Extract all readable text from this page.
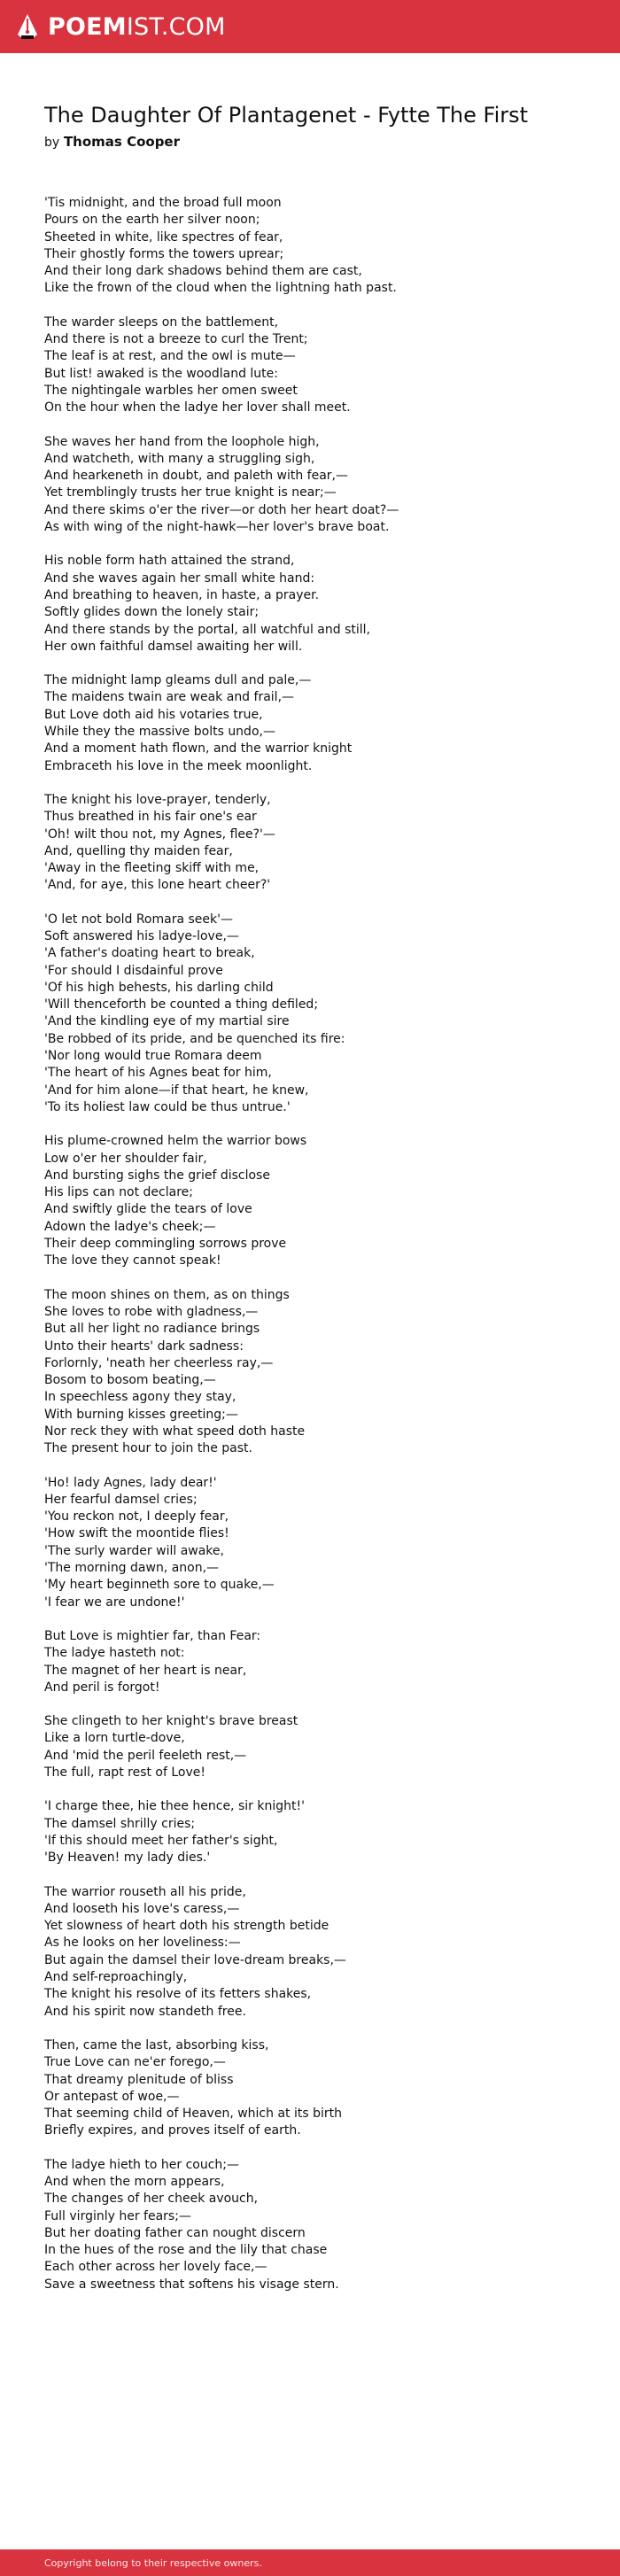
POEMIST.COM
The Daughter Of Plantagenet - Fytte The First
by Thomas Cooper
'Tis midnight, and the broad full moon
Pours on the earth her silver noon;
Sheeted in white, like spectres of fear,
Their ghostly forms the towers uprear;
And their long dark shadows behind them are cast,
Like the frown of the cloud when the lightning hath past.
The warder sleeps on the battlement,
And there is not a breeze to curl the Trent;
The leaf is at rest, and the owl is mute—
But list! awaked is the woodland lute:
The nightingale warbles her omen sweet
On the hour when the ladye her lover shall meet.
She waves her hand from the loophole high,
And watcheth, with many a struggling sigh,
And hearkeneth in doubt, and paleth with fear,—
Yet tremblingly trusts her true knight is near;—
And there skims o'er the river—or doth her heart doat?—
As with wing of the night-hawk—her lover's brave boat.
His noble form hath attained the strand,
And she waves again her small white hand:
And breathing to heaven, in haste, a prayer.
Softly glides down the lonely stair;
And there stands by the portal, all watchful and still,
Her own faithful damsel awaiting her will.
The midnight lamp gleams dull and pale,—
The maidens twain are weak and frail,—
But Love doth aid his votaries true,
While they the massive bolts undo,—
And a moment hath flown, and the warrior knight
Embraceth his love in the meek moonlight.
The knight his love-prayer, tenderly,
Thus breathed in his fair one's ear
'Oh! wilt thou not, my Agnes, flee?'—
And, quelling thy maiden fear,
'Away in the fleeting skiff with me,
'And, for aye, this lone heart cheer?'
'O let not bold Romara seek'—
Soft answered his ladye-love,—
'A father's doating heart to break,
'For should I disdainful prove
'Of his high behests, his darling child
'Will thenceforth be counted a thing defiled;
'And the kindling eye of my martial sire
'Be robbed of its pride, and be quenched its fire:
'Nor long would true Romara deem
'The heart of his Agnes beat for him,
'And for him alone—if that heart, he knew,
'To its holiest law could be thus untrue.'
His plume-crowned helm the warrior bows
Low o'er her shoulder fair,
And bursting sighs the grief disclose
His lips can not declare;
And swiftly glide the tears of love
Adown the ladye's cheek;—
Their deep commingling sorrows prove
The love they cannot speak!
The moon shines on them, as on things
She loves to robe with gladness,—
But all her light no radiance brings
Unto their hearts' dark sadness:
Forlornly, 'neath her cheerless ray,—
Bosom to bosom beating,—
In speechless agony they stay,
With burning kisses greeting;—
Nor reck they with what speed doth haste
The present hour to join the past.
'Ho! lady Agnes, lady dear!'
Her fearful damsel cries;
'You reckon not, I deeply fear,
'How swift the moontide flies!
'The surly warder will awake,
'The morning dawn, anon,—
'My heart beginneth sore to quake,—
'I fear we are undone!'
But Love is mightier far, than Fear:
The ladye hasteth not:
The magnet of her heart is near,
And peril is forgot!
She clingeth to her knight's brave breast
Like a lorn turtle-dove,
And 'mid the peril feeleth rest,—
The full, rapt rest of Love!
'I charge thee, hie thee hence, sir knight!'
The damsel shrilly cries;
'If this should meet her father's sight,
'By Heaven! my lady dies.'
The warrior rouseth all his pride,
And looseth his love's caress,—
Yet slowness of heart doth his strength betide
As he looks on her loveliness:—
But again the damsel their love-dream breaks,—
And self-reproachingly,
The knight his resolve of its fetters shakes,
And his spirit now standeth free.
Then, came the last, absorbing kiss,
True Love can ne'er forego,—
That dreamy plenitude of bliss
Or antepast of woe,—
That seeming child of Heaven, which at its birth
Briefly expires, and proves itself of earth.
The ladye hieth to her couch;—
And when the morn appears,
The changes of her cheek avouch,
Full virginly her fears;—
But her doating father can nought discern
In the hues of the rose and the lily that chase
Each other across her lovely face,—
Save a sweetness that softens his visage stern.
Copyright belong to their respective owners.
